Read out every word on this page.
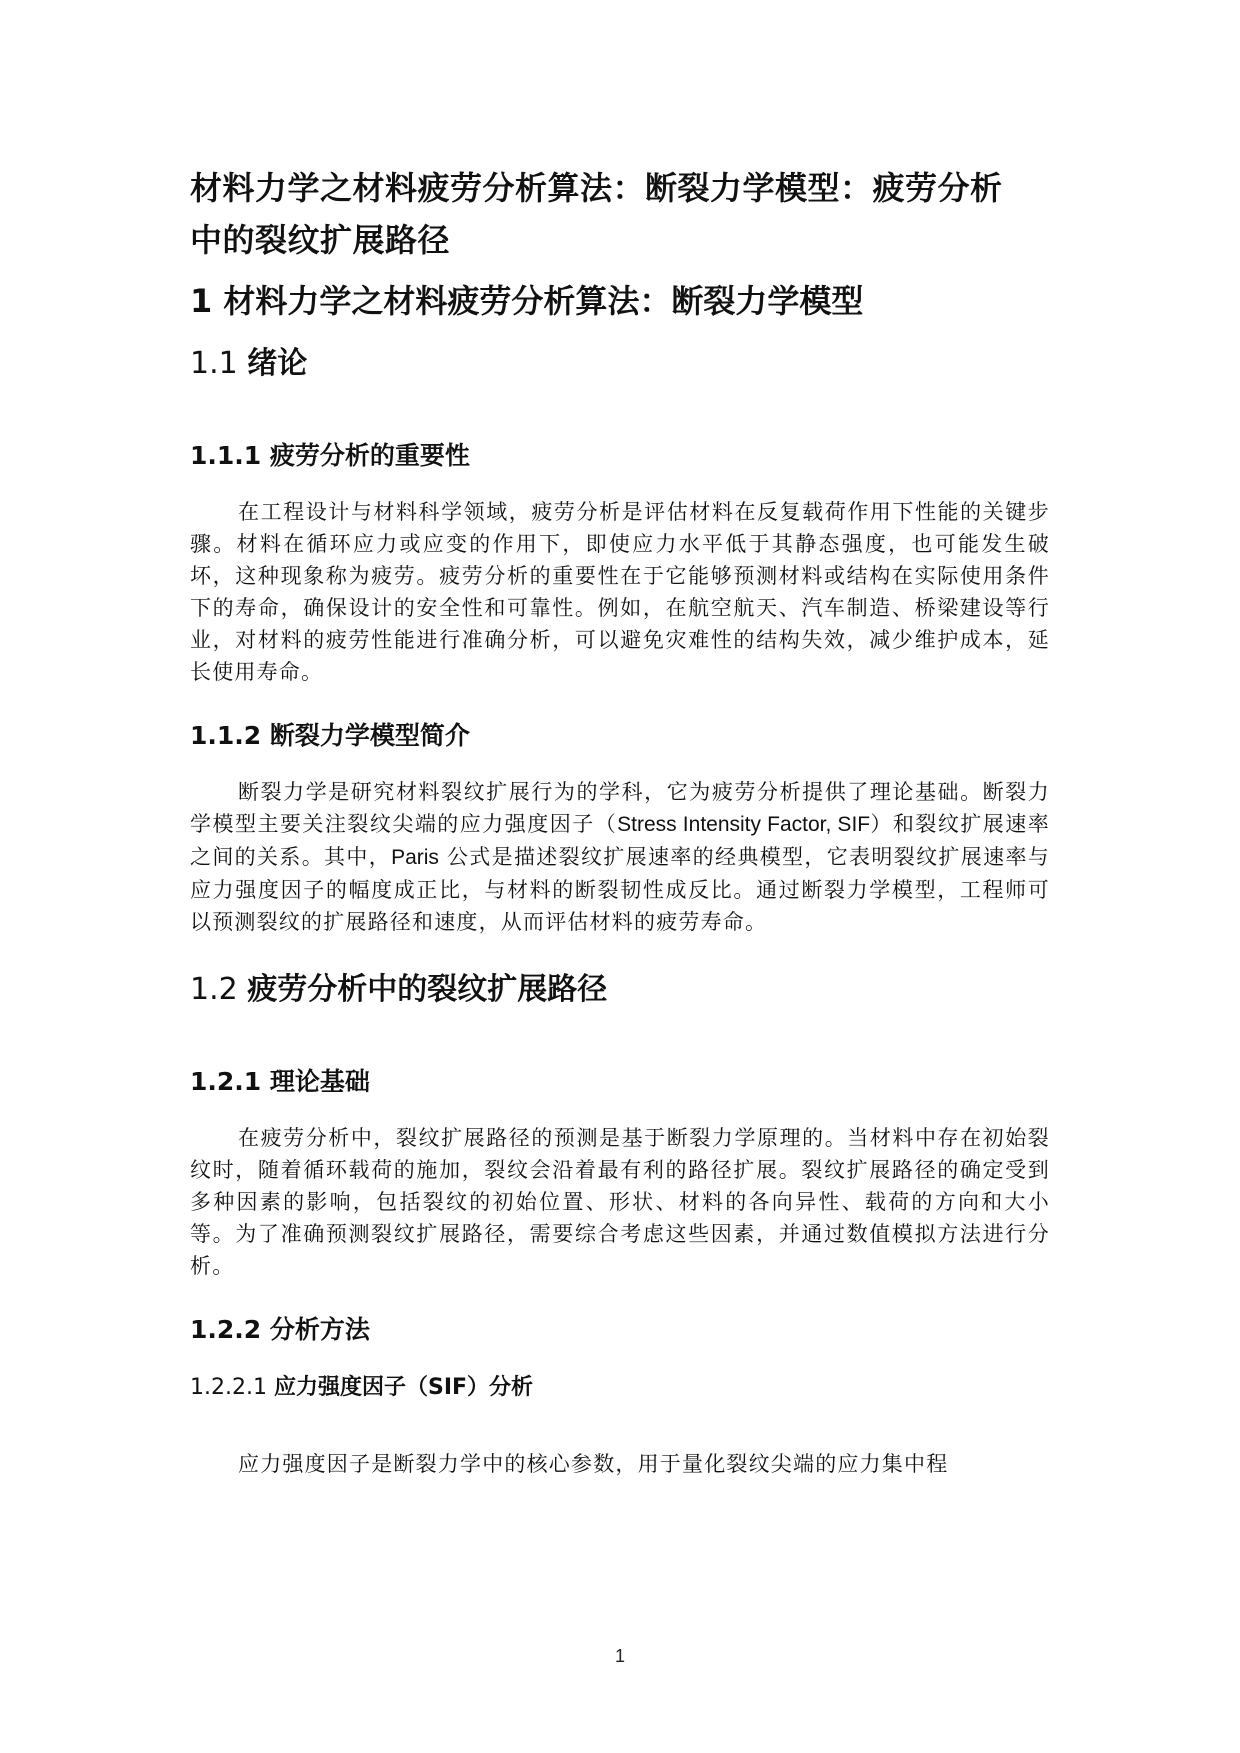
材料力学之材料疲劳分析算法：断裂力学模型：疲劳分析
中的裂纹扩展路径
1 材料力学之材料疲劳分析算法：断裂力学模型
1.1 绪论
1.1.1 疲劳分析的重要性

在工程设计与材料科学领域，疲劳分析是评估材料在反复载荷作用下性能的关键步骤。材料在循环应力或应变的作用下，即使应力水平低于其静态强度，也可能发生破坏，这种现象称为疲劳。疲劳分析的重要性在于它能够预测材料或结构在实际使用条件下的寿命，确保设计的安全性和可靠性。例如，在航空航天、汽车制造、桥梁建设等行业，对材料的疲劳性能进行准确分析，可以避免灾难性的结构失效，减少维护成本，延长使用寿命。

1.1.2 断裂力学模型简介

断裂力学是研究材料裂纹扩展行为的学科，它为疲劳分析提供了理论基础。断裂力学模型主要关注裂纹尖端的应力强度因子（Stress Intensity Factor, SIF）和裂纹扩展速率之间的关系。其中，Paris 公式是描述裂纹扩展速率的经典模型，它表明裂纹扩展速率与应力强度因子的幅度成正比，与材料的断裂韧性成反比。通过断裂力学模型，工程师可以预测裂纹的扩展路径和速度，从而评估材料的疲劳寿命。

1.2 疲劳分析中的裂纹扩展路径
1.2.1 理论基础

在疲劳分析中，裂纹扩展路径的预测是基于断裂力学原理的。当材料中存在初始裂纹时，随着循环载荷的施加，裂纹会沿着最有利的路径扩展。裂纹扩展路径的确定受到多种因素的影响，包括裂纹的初始位置、形状、材料的各向异性、载荷的方向和大小等。为了准确预测裂纹扩展路径，需要综合考虑这些因素，并通过数值模拟方法进行分析。

1.2.2 分析方法
1.2.2.1 应力强度因子（SIF）分析

应力强度因子是断裂力学中的核心参数，用于量化裂纹尖端的应力集中程

1
